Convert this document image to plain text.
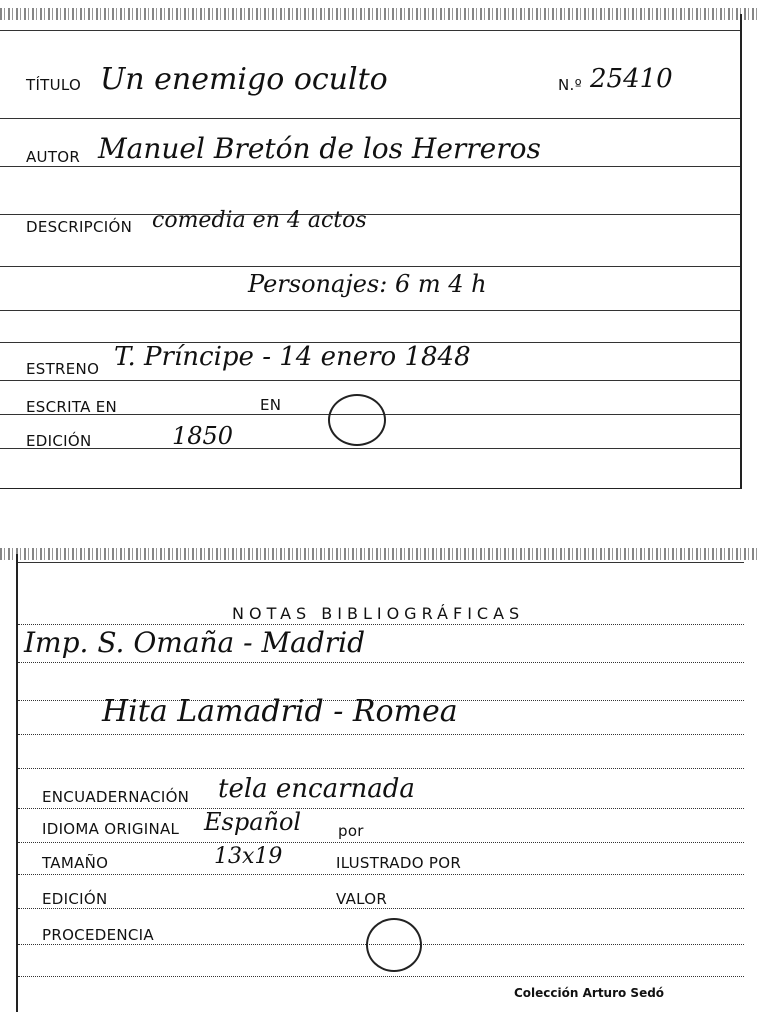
TÍTULO Un enemigo oculto	N.º 25410
AUTOR Manuel Bretón de los Herreros
DESCRIPCIÓN comedia en 4 actos
Personajes: 6 m 4 h
ESTRENO T. Príncipe - 14 enero 1848
ESCRITA EN	EN
EDICIÓN	1850
NOTAS BIBLIOGRÁFICAS
Imp. S. Omaña - Madrid
Hita Lamadrid - Romea
ENCUADERNACIÓN tela encarnada
IDIOMA ORIGINAL Español por
TAMAÑO	13x19	ILUSTRADO POR
EDICIÓN	VALOR
PROCEDENCIA
Colección Arturo Sedó
